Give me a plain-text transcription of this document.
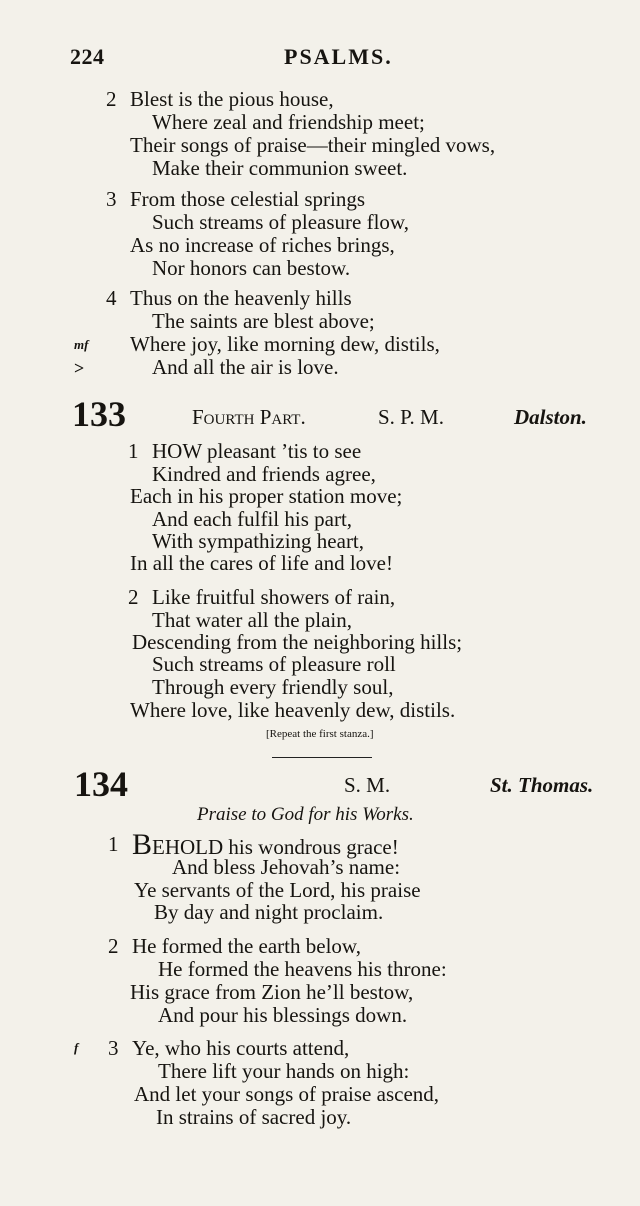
224	PSALMS.
2 Blest is the pious house,
Where zeal and friendship meet;
Their songs of praise—their mingled vows,
Make their communion sweet.
3 From those celestial springs
Such streams of pleasure flow,
As no increase of riches brings,
Nor honors can bestow.
4 Thus on the heavenly hills
The saints are blest above;
mf Where joy, like morning dew, distils,
>	And all the air is love.
133	Fourth Part.	S. P. M.	Dalston.
1 HOW pleasant ’tis to see
Kindred and friends agree,
Each in his proper station move;
And each fulfil his part,
With sympathizing heart,
In all the cares of life and love!
2 Like fruitful showers of rain,
That water all the plain,
Descending from the neighboring hills;
Such streams of pleasure roll
Through every friendly soul,
Where love, like heavenly dew, distils.
[Repeat the first stanza.]
134	S. M.	St. Thomas.
Praise to God for his Works.
1 BEHOLD his wondrous grace!
And bless Jehovah’s name:
Ye servants of the Lord, his praise
By day and night proclaim.
2 He formed the earth below,
He formed the heavens his throne:
His grace from Zion he’ll bestow,
And pour his blessings down.
f 3 Ye, who his courts attend,
There lift your hands on high:
And let your songs of praise ascend,
In strains of sacred joy.
